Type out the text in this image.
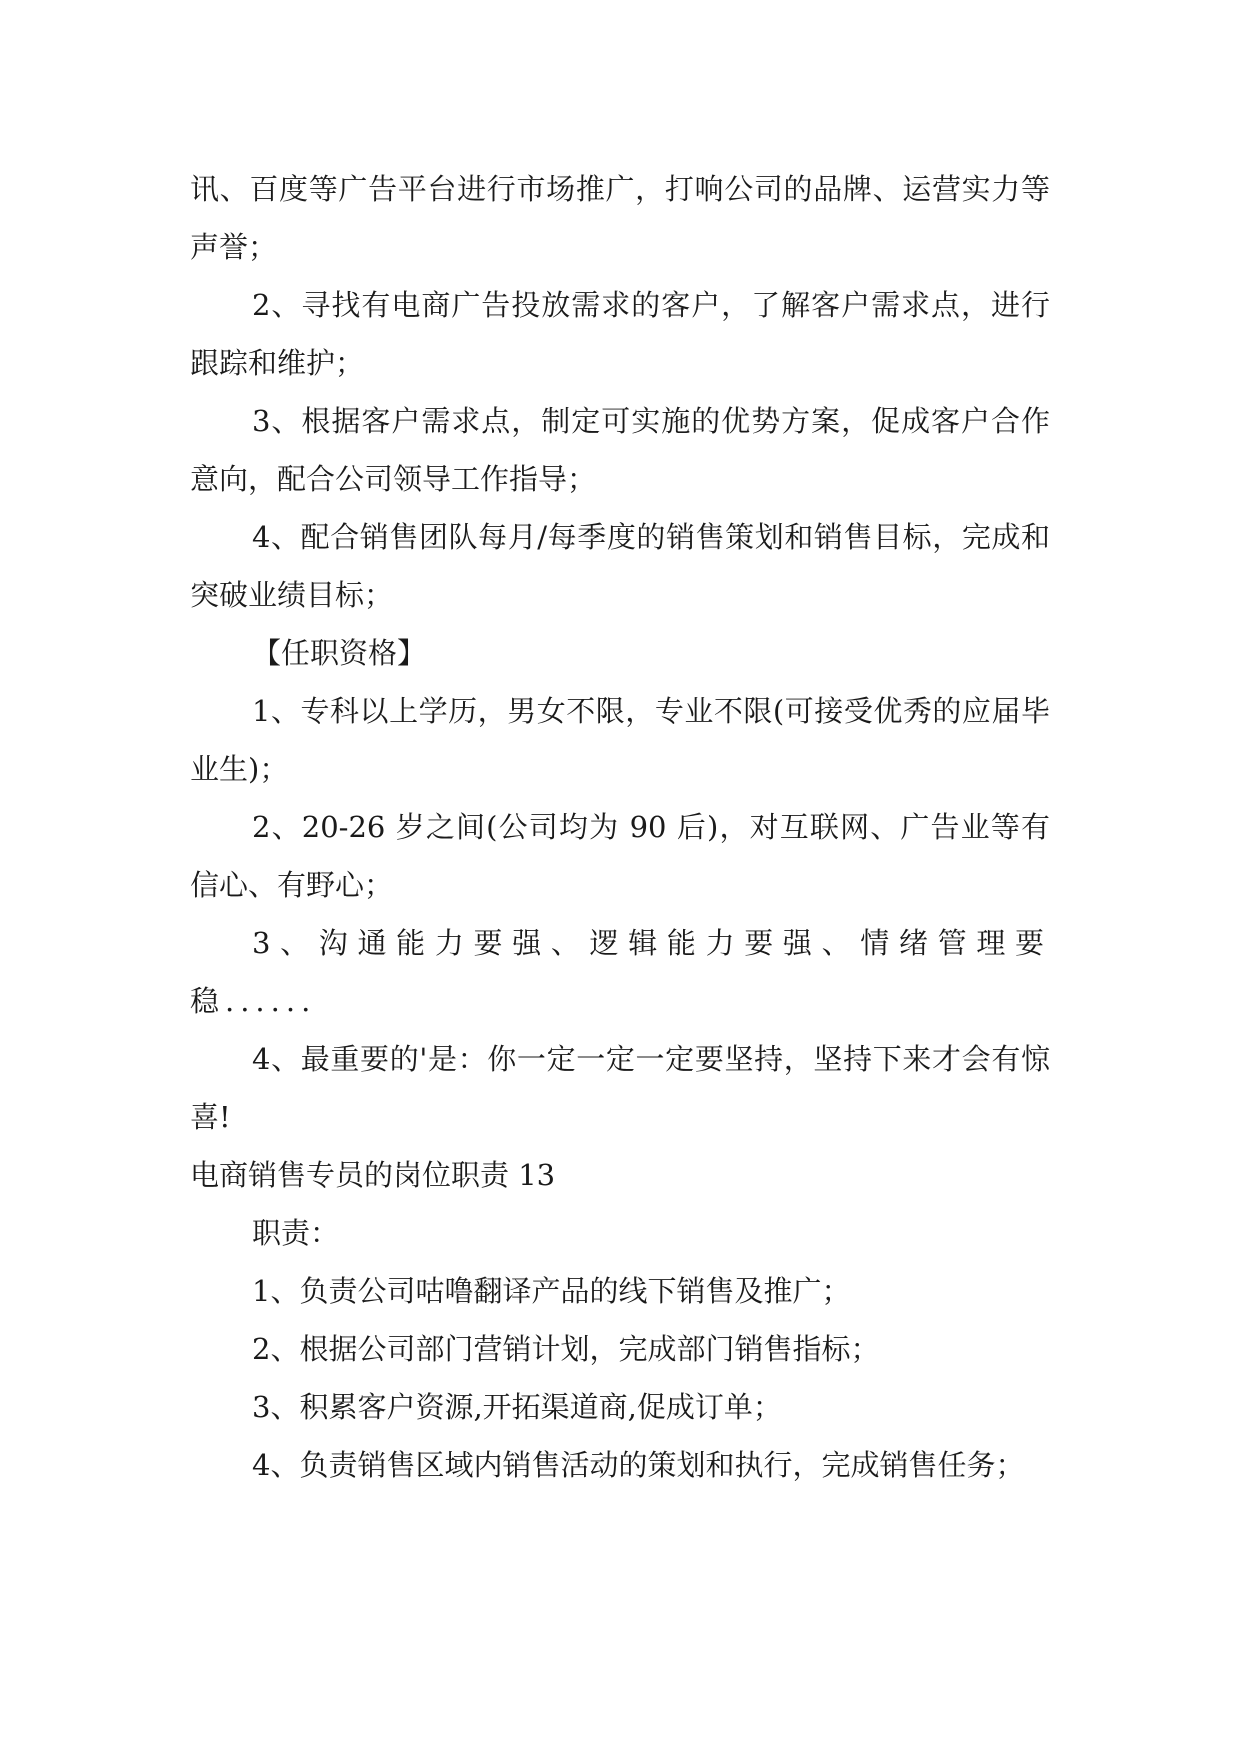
讯、百度等广告平台进行市场推广，打响公司的品牌、运营实力等声誉；

2、寻找有电商广告投放需求的客户，了解客户需求点，进行跟踪和维护；

3、根据客户需求点，制定可实施的优势方案，促成客户合作意向，配合公司领导工作指导；

4、配合销售团队每月/每季度的销售策划和销售目标，完成和突破业绩目标；

【任职资格】

1、专科以上学历，男女不限，专业不限(可接受优秀的应届毕业生)；

2、20-26 岁之间(公司均为 90 后)，对互联网、广告业等有信心、有野心；

3、沟通能力要强、逻辑能力要强、情绪管理要稳......

4、最重要的'是：你一定一定一定要坚持，坚持下来才会有惊喜!

电商销售专员的岗位职责 13

职责：

1、负责公司咕噜翻译产品的线下销售及推广；

2、根据公司部门营销计划，完成部门销售指标；

3、积累客户资源,开拓渠道商,促成订单；

4、负责销售区域内销售活动的策划和执行，完成销售任务；
